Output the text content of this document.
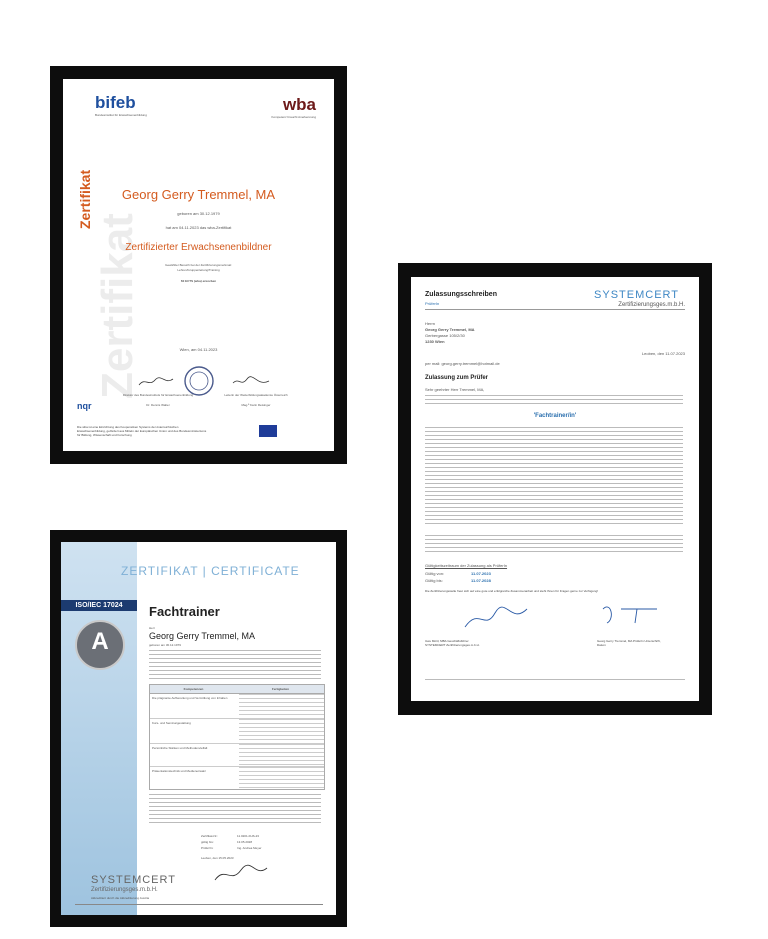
bifeb
Bundesinstitut für Erwachsenenbildung
wba
Kompetenz braucht Anerkennung
Zertifikat
Zertifikat
Georg Gerry Tremmel, MA
geboren am 30.12.1979
hat am 04.11.2023 das wba-Zertifikat
Zertifizierter Erwachsenenbildner
Gewählter Bereich bei der Zertifizierungsmerkmal:
Lehren/Gruppenleitung/Training
60 ECTS (wba) erworben
Wien, am 04.11.2023
Direktor des Bundesinstituts für Erwachsenenbildung
Dr. Dennis Walter
Leiterin der Weiterbildungsakademie Österreich
Mag.ª Karin Reisinger
nqr
Die wba ist eine Einrichtung des Kooperativen Systems der österreichischen Erwachsenenbildung, gefördert aus Mitteln der Europäischen Union und des Bundesministeriums für Bildung, Wissenschaft und Forschung
ZERTIFIKAT | CERTIFICATE
ISO/IEC 17024
A
Fachtrainer
Herr
Georg Gerry Tremmel, MA
geboren am 30.12.1979
Kompetenzen	Fertigkeiten
Die prägnante Aufbereitung und Vermittlung von Inhalten
Kurs- und Seminargestaltung
Persönliche Stärken und Methodenvielfalt
Präsentationstechnik und Medieneinsatz
Zertifikat-Nr.:	11.0201-FHS-23
gültig bis:	13.05.2028
Prüfer/In:	Ing. Andrea Meyer
Leoben, den 15.05.2023
SYSTEMCERT
Zertifizierungsges.m.b.H.
Akkreditiert durch die Akkreditierung Austria
Zulassungsschreiben
PrüferIn
SYSTEMCERT
Zertifizierungsges.m.b.H.
Herrn
Georg Gerry Tremmel, MA
Gerbergasse 105/2/30
1230 Wien
Leoben, den 11.07.2023
per mail: georg.gerry.tremmel@hotmail.de
Zulassung zum Prüfer
Sehr geehrter Herr Tremmel, MA,
'Fachtrainer/in'
Gültigkeitszeitraum der Zulassung als PrüferIn
Gültig von:	11.07.2023
Gültig bis:	11.07.2028
Die Zertifizierungsstelle freut sich auf eine gute und erfolgreiche Zusammenarbeit und steht Ihnen für Fragen gerne zur Verfügung!
Uwe Mörtl, MBA Geschäftsführer SYSTEMCERT Zertifizierungsges.m.b.H.
Georg Gerry Tremmel, MA PrüferIn Unterschrift, Datum
